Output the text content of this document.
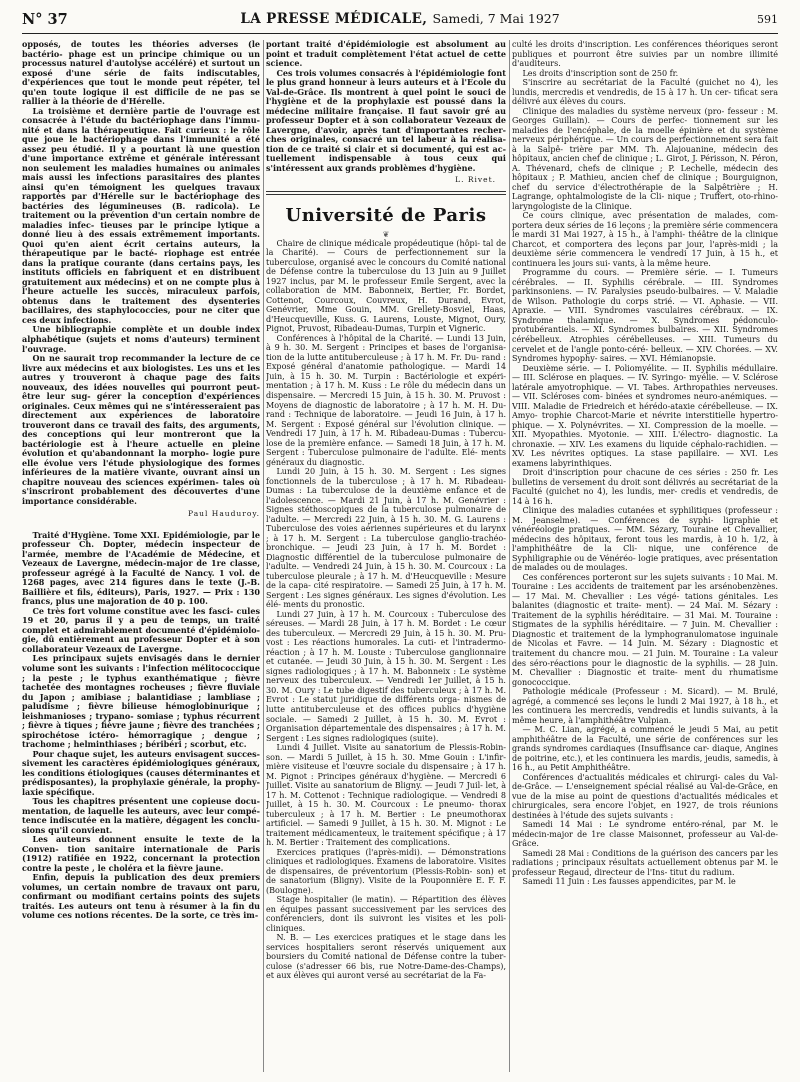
N° 37	LA PRESSE MÉDICALE, Samedi, 7 Mai 1927	591

opposés, de toutes les théories adverses (le bactério- phage est un principe chimique ou un processus naturel d'autolyse accéléré) et surtout un exposé d'une série de faits indiscutables, d'expériences que tout le monde peut répéter, tel qu'en toute logique il est difficile de ne pas se rallier à la théorie de d'Hérelle.

La troisième et dernière partie de l'ouvrage est consacrée à l'étude du bactériophage dans l'immu- nité et dans la thérapeutique. Fait curieux : le rôle que joue le bactériophage dans l'immunité a été assez peu étudié. Il y a pourtant là une question d'une importance extrême et générale intéressant non seulement les maladies humaines ou animales mais aussi les infections parasitaires des plantes ainsi qu'en témoignent les quelques travaux rapportés par d'Hérelle sur le bactériophage des bactéries des légumineuses (B. radicola). Le traitement ou la prévention d'un certain nombre de maladies infec- tieuses par le principe lytique a donné lieu à des essais extrêmement importants. Quoi qu'en aient écrit certains auteurs, la thérapeutique par le bacté- riophage est entrée dans la pratique courante (dans certains pays, les instituts officiels en fabriquent et en distribuent gratuitement aux médecins) et on ne compte plus à l'heure actuelle les succès, miraculeux parfois, obtenus dans le traitement des dysenteries bacillaires, des staphylococcies, pour ne citer que ces deux infections.

Une bibliographie complète et un double index alphabétique (sujets et noms d'auteurs) terminent l'ouvrage.

On ne saurait trop recommander la lecture de ce livre aux médecins et aux biologistes. Les uns et les autres y trouveront à chaque page des faits nouveaux, des idées nouvelles qui pourront peut-être leur sug- gérer la conception d'expériences originales. Ceux mêmes qui ne s'intéresseraient pas directement aux expériences de laboratoire trouveront dans ce travail des faits, des arguments, des conceptions qui leur montreront que la bactériologie est à l'heure actuelle en pleine évolution et qu'abandonnant la morpho- logie pure elle évolue vers l'étude physiologique des formes inférieures de la matière vivante, ouvrant ainsi un chapitre nouveau des sciences expérimen- tales où s'inscriront probablement des découvertes d'une importance considérable.

Paul Hauduroy.

Traité d'Hygiène. Tome XXI. Epidémiologie, par le professeur Ch. Dopter, médecin inspecteur de l'armée, membre de l'Académie de Médecine, et Vezeaux de Lavergne, médecin-major de 1re classe, professeur agrégé à la Faculté de Nancy. 1 vol. de 1268 pages, avec 214 figures dans le texte (J.-B. Baillière et fils, éditeurs), Paris, 1927. — Prix : 130 francs, plus une majoration de 40 p. 100.

Ce très fort volume constitue avec les fasci- cules 19 et 20, parus il y a peu de temps, un traité complet et admirablement documenté d'épidémiolo- gie, dû entièrement au professeur Dopter et à son collaborateur Vezeaux de Lavergne.

Les principaux sujets envisagés dans le dernier volume sont les suivants : l'infection mélitococcique ; la peste ; le typhus exanthématique ; fièvre tachetée des montagnes rocheuses ; fièvre fluviale du Japon ; amibiase ; balantidiase ; lambliase ; paludisme ; fièvre bilieuse hémoglobinurique ; leishmanioses ; trypano- somiase ; typhus récurrent ; fièvre à tiques ; fièvre jaune ; fièvre des tranchées ; spirochétose ictéro- hémorragique ; dengue ; trachome ; helminthiases ; béribéri ; scorbut, etc.

Pour chaque sujet, les auteurs envisagent succes- sivement les caractères épidémiologiques généraux, les conditions étiologiques (causes déterminantes et prédisposantes), la prophylaxie générale, la prophy- laxie spécifique.

Tous les chapitres présentent une copieuse docu- mentation, de laquelle les auteurs, avec leur compé- tence indiscutée en la matière, dégagent les conclu- sions qu'il convient.

Les auteurs donnent ensuite le texte de la Conven- tion sanitaire internationale de Paris (1912) ratifiée en 1922, concernant la protection contre la peste , le choléra et la fièvre jaune.

Enfin, depuis la publication des deux premiers volumes, un certain nombre de travaux ont paru, confirmant ou modifiant certains points des sujets traités. Les auteurs ont tenu à résumer à la fin du volume ces notions récentes. De la sorte, ce très im-

portant traité d'épidémiologie est absolument au point et traduit complètement l'état actuel de cette science.

Ces trois volumes consacrés à l'épidémiologie font le plus grand honneur à leurs auteurs et à l'Ecole du Val-de-Grâce. Ils montrent à quel point le souci de l'hygiène et de la prophylaxie est poussé dans la médecine militaire française. Il faut savoir gré au professeur Dopter et à son collaborateur Vezeaux de Lavergne, d'avoir, après tant d'importantes recher- ches originales, consacré un tel labeur à la réalisa- tion de ce traité si clair et si documenté, qui est ac- tuellement indispensable à tous ceux qui s'intéressent aux grands problèmes d'hygiène.

L. Rivet.
Université de Paris
❦

Chaire de clinique médicale propédeutique (hôpi- tal de la Charité). — Cours de perfectionnement sur la tuberculose, organisé avec le concours du Comité national de Défense contre la tuberculose du 13 Juin au 9 Juillet 1927 inclus, par M. le professeur Emile Sergent, avec la collaboration de MM. Babonneix, Bertier, Fr. Bordet, Cottenot, Courcoux, Couvreux, H. Durand, Evrot, Genévrier, Mme Gouin, MM. Grellety-Bosviel, Haas, d'Heucqueville, Kuss. G. Laurens, Louste, Mignot, Oury, Pignot, Pruvost, Ribadeau-Dumas, Turpin et Vigneric.

Conférences à l'hôpital de la Charité. — Lundi 13 Juin, à 9 h. 30. M. Sergent : Principes et bases de l'organisa- tion de la lutte antituberculeuse ; à 17 h. M. Fr. Du- rand : Exposé général d'anatomie pathologique. — Mardi 14 Juin, à 15 h. 30. M. Turpin : Bactériologie et expéri- mentation ; à 17 h. M. Kuss : Le rôle du médecin dans un dispensaire. — Mercredi 15 Juin, à 15 h. 30. M. Pruvost : Moyens de diagnostic de laboratoire ; à 17 h. M. H. Du- rand : Technique de laboratoire. — Jeudi 16 Juin, à 17 h. M. Sergent : Exposé général sur l'évolution clinique. — Vendredi 17 Juin, à 17 h. M. Ribadeau-Dumas : Tubercu- lose de la première enfance. — Samedi 18 Juin, à 17 h. M. Sergent : Tuberculose pulmonaire de l'adulte. Elé- ments généraux du diagnostic.

Lundi 20 Juin, à 15 h. 30. M. Sergent : Les signes fonctionnels de la tuberculose ; à 17 h. M. Ribadeau- Dumas : La tuberculose de la deuxième enfance et de l'adolescence. — Mardi 21 Juin, à 17 h. M. Genévrier : Signes stéthoscopiques de la tuberculose pulmonaire de l'adulte. — Mercredi 22 Juin, à 15 h. 30. M. G. Laurens : Tuberculose des voies aériennes supérieures et du larynx ; à 17 h. M. Sergent : La tuberculose ganglio-trachéo- bronchique. — Jeudi 23 Juin, à 17 h. M. Bordet : Diagnostic différentiel de la tuberculose pulmonaire de l'adulte. — Vendredi 24 Juin, à 15 h. 30. M. Courcoux : La tuberculose pleurale ; à 17 h. M. d'Heucqueville : Mesure de la capa- cité respiratoire. — Samedi 25 Juin, à 17 h. M. Sergent : Les signes généraux. Les signes d'évolution. Les élé- ments du pronostic.

Lundi 27 Juin, à 17 h. M. Courcoux : Tuberculose des séreuses. — Mardi 28 Juin, à 17 h. M. Bordet : Le cœur des tuberculeux. — Mercredi 29 Juin, à 15 h. 30. M. Pru- vost : Les réactions humorales. La cuti- et l'intradermo- réaction ; à 17 h. M. Louste : Tuberculose ganglionnaire et cutanée. — Jeudi 30 Juin, à 15 h. 30. M. Sergent : Les signes radiologiques ; à 17 h. M. Babonneix : Le système nerveux des tuberculeux. — Vendredi 1er Juillet, à 15 h. 30. M. Oury : Le tube digestif des tuberculeux ; à 17 h. M. Evrot : Le statut juridique de différents orga- nismes de lutte antituberculeuse et des offices publics d'hygiène sociale. — Samedi 2 Juillet, à 15 h. 30. M. Evrot : Organisation départementale des dispensaires ; à 17 h. M. Sergent : Les signes radiologiques (suite).

Lundi 4 Juillet. Visite au sanatorium de Plessis-Robin- son. — Mardi 5 Juillet, à 15 h. 30. Mme Gouin : L'infir- mière visiteuse et l'œuvre sociale du dispensaire ; à 17 h. M. Pignot : Principes généraux d'hygiène. — Mercredi 6 Juillet. Visite au sanatorium de Bligny. — Jeudi 7 Juil- let, à 17 h. M. Cottenot : Technique radiologique. — Vendredi 8 Juillet, à 15 h. 30. M. Courcoux : Le pneumo- thorax tuberculeux ; à 17 h. M. Bertier : Le pneumothorax artificiel. — Samedi 9 Juillet, à 15 h. 30. M. Mignot : Le traitement médicamenteux, le traitement spécifique ; à 17 h. M. Bertier : Traitement des complications.

Exercices pratiques (l'après-midi). — Démonstrations cliniques et radiologiques. Examens de laboratoire. Visites de dispensaires, de préventorium (Plessis-Robin- son) et de sanatorium (Bligny). Visite de la Pouponnière E. F. F. (Boulogne).

Stage hospitalier (le matin). — Répartition des élèves en équipes passant successivement par les services des conférenciers, dont ils suivront les visites et les poli- cliniques.

N. B. — Les exercices pratiques et le stage dans les services hospitaliers seront réservés uniquement aux boursiers du Comité national de Défense contre la tuber- culose (s'adresser 66 bis, rue Notre-Dame-des-Champs), et aux élèves qui auront versé au secrétariat de la Fa-

culté les droits d'inscription. Les conférences théoriques seront publiques et pourront être suivies par un nombre illimité d'auditeurs.

Les droits d'inscription sont de 250 fr.

S'inscrire au secrétariat de la Faculté (guichet no 4), les lundis, mercredis et vendredis, de 15 à 17 h. Un cer- tificat sera délivré aux élèves du cours.

Clinique des maladies du système nerveux (pro- fesseur : M. Georges Guillain). — Cours de perfec- tionnement sur les maladies de l'encéphale, de la moelle épinière et du système nerveux périphérique. — Un cours de perfectionnement sera fait à la Salpê- trière par MM. Th. Alajouanine, médecin des hôpitaux, ancien chef de clinique ; L. Girot, J. Périsson, N. Péron, A. Thévenard, chefs de clinique ; P. Lechelle, médecin des hôpitaux ; P. Mathieu, ancien chef de clinique ; Bourguignon, chef du service d'électrothérapie de la Salpêtrière ; H. Lagrange, ophtalmologiste de la Cli- nique ; Truffert, oto-rhino-laryngologiste de la Clinique.

Ce cours clinique, avec présentation de malades, com- portera deux séries de 16 leçons ; la première série commencera le mardi 31 Mai 1927, à 15 h., à l'amphi- théâtre de la clinique Charcot, et comportera des leçons par jour, l'après-midi ; la deuxième série commencera le vendredi 17 Juin, à 15 h., et continuera les jours sui- vants, à la même heure.

Programme du cours. — Première série. — I. Tumeurs cérébrales. — II. Syphilis cérébrale. — III. Syndromes parkinsoniens. — IV. Paralysies pseudo-bulbaires. — V. Maladie de Wilson. Pathologie du corps strié. — VI. Aphasie. — VII. Apraxie. — VIII. Syndromes vasculaires cérébraux. — IX. Syndrome thalamique. — X. Syndromes pédonculo-protubérantiels. — XI. Syndromes bulbaires. — XII. Syndromes cérébelleux. Atrophies cérébelleuses. — XIII. Tumeurs du cervelet et de l'angle ponto-céré- belleux. — XIV. Chorées. — XV. Syndromes hypophy- saires. — XVI. Hémianopsie.

Deuxième série. — I. Poliomyélite. — II. Syphilis médullaire. — III. Sclérose en plaques. — IV. Syringo- myélie. — V. Sclérose latérale amyotrophique. — VI. Tabes. Arthropathies nerveuses. — VII. Scléroses com- binées et syndromes neuro-anémiques. — VIII. Maladie de Friedreich et hérédo-ataxie cérébelleuse. — IX. Amyo- trophie Charcot-Marie et névrite interstitielle hypertro- phique. — X. Polynévrites. — XI. Compression de la moelle. — XII. Myopathies. Myotonie. — XIII. L'électro- diagnostic. La chronaxie. — XIV. Les examens du liquide céphalo-rachidien. — XV. Les névrites optiques. La stase papillaire. — XVI. Les examens labyrinthiques.

Droit d'inscription pour chacune de ces séries : 250 fr. Les bulletins de versement du droit sont délivrés au secrétariat de la Faculté (guichet no 4), les lundis, mer- credis et vendredis, de 14 à 16 h.

Clinique des maladies cutanées et syphilitiques (professeur : M. Jeanselme). — Conférences de syphi- ligraphie et vénéréologie pratiques. — MM. Sézary, Touraine et Chevallier, médecins des hôpitaux, feront tous les mardis, à 10 h. 1/2, à l'amphithéâtre de la Cli- nique, une conférence de Syphiligraphie ou de Vénéréo- logie pratiques, avec présentation de malades ou de moulages.

Ces conférences porteront sur les sujets suivants : 10 Mai. M. Touraine : Les accidents de traitement par les arsénobenzènes. — 17 Mai. M. Chevallier : Les végé- tations génitales. Les balanites (diagnostic et traite- ment). — 24 Mai. M. Sézary : Traitement de la syphilis héréditaire. — 31 Mai. M. Touraine : Stigmates de la syphilis héréditaire. — 7 Juin. M. Chevallier : Diagnostic et traitement de la lymphogranulomatose inguinale de Nicolas et Favre. — 14 Juin. M. Sézary : Diagnostic et traitement du chancre mou. — 21 Juin. M. Touraine : La valeur des séro-réactions pour le diagnostic de la syphilis. — 28 Juin. M. Chevallier : Diagnostic et traite- ment du rhumatisme gonococcique.

Pathologie médicale (Professeur : M. Sicard). — M. Brulé, agrégé, a commencé ses leçons le lundi 2 Mai 1927, à 18 h., et les continuera les mercredis, vendredis et lundis suivants, à la même heure, à l'amphithéâtre Vulpian.

— M. C. Lian, agrégé, a commencé le jeudi 5 Mai, au petit amphithéâtre de la Faculté, une série de conférences sur les grands syndromes cardiaques (Insuffisance car- diaque, Angines de poitrine, etc.), et les continuera les mardis, jeudis, samedis, à 16 h., au Petit Amphithéâtre.

Conférences d'actualités médicales et chirurgi- cales du Val-de-Grâce. — L'enseignement spécial réalisé au Val-de-Grâce, en vue de la mise au point de questions d'actualités médicales et chirurgicales, sera encore l'objet, en 1927, de trois réunions destinées à l'étude des sujets suivants :

Samedi 14 Mai : Le syndrome entéro-rénal, par M. le médecin-major de 1re classe Maisonnet, professeur au Val-de-Grâce.

Samedi 28 Mai : Conditions de la guérison des cancers par les radiations ; principaux résultats actuellement obtenus par M. le professeur Regaud, directeur de l'Ins- titut du radium.

Samedi 11 Juin : Les fausses appendicites, par M. le
